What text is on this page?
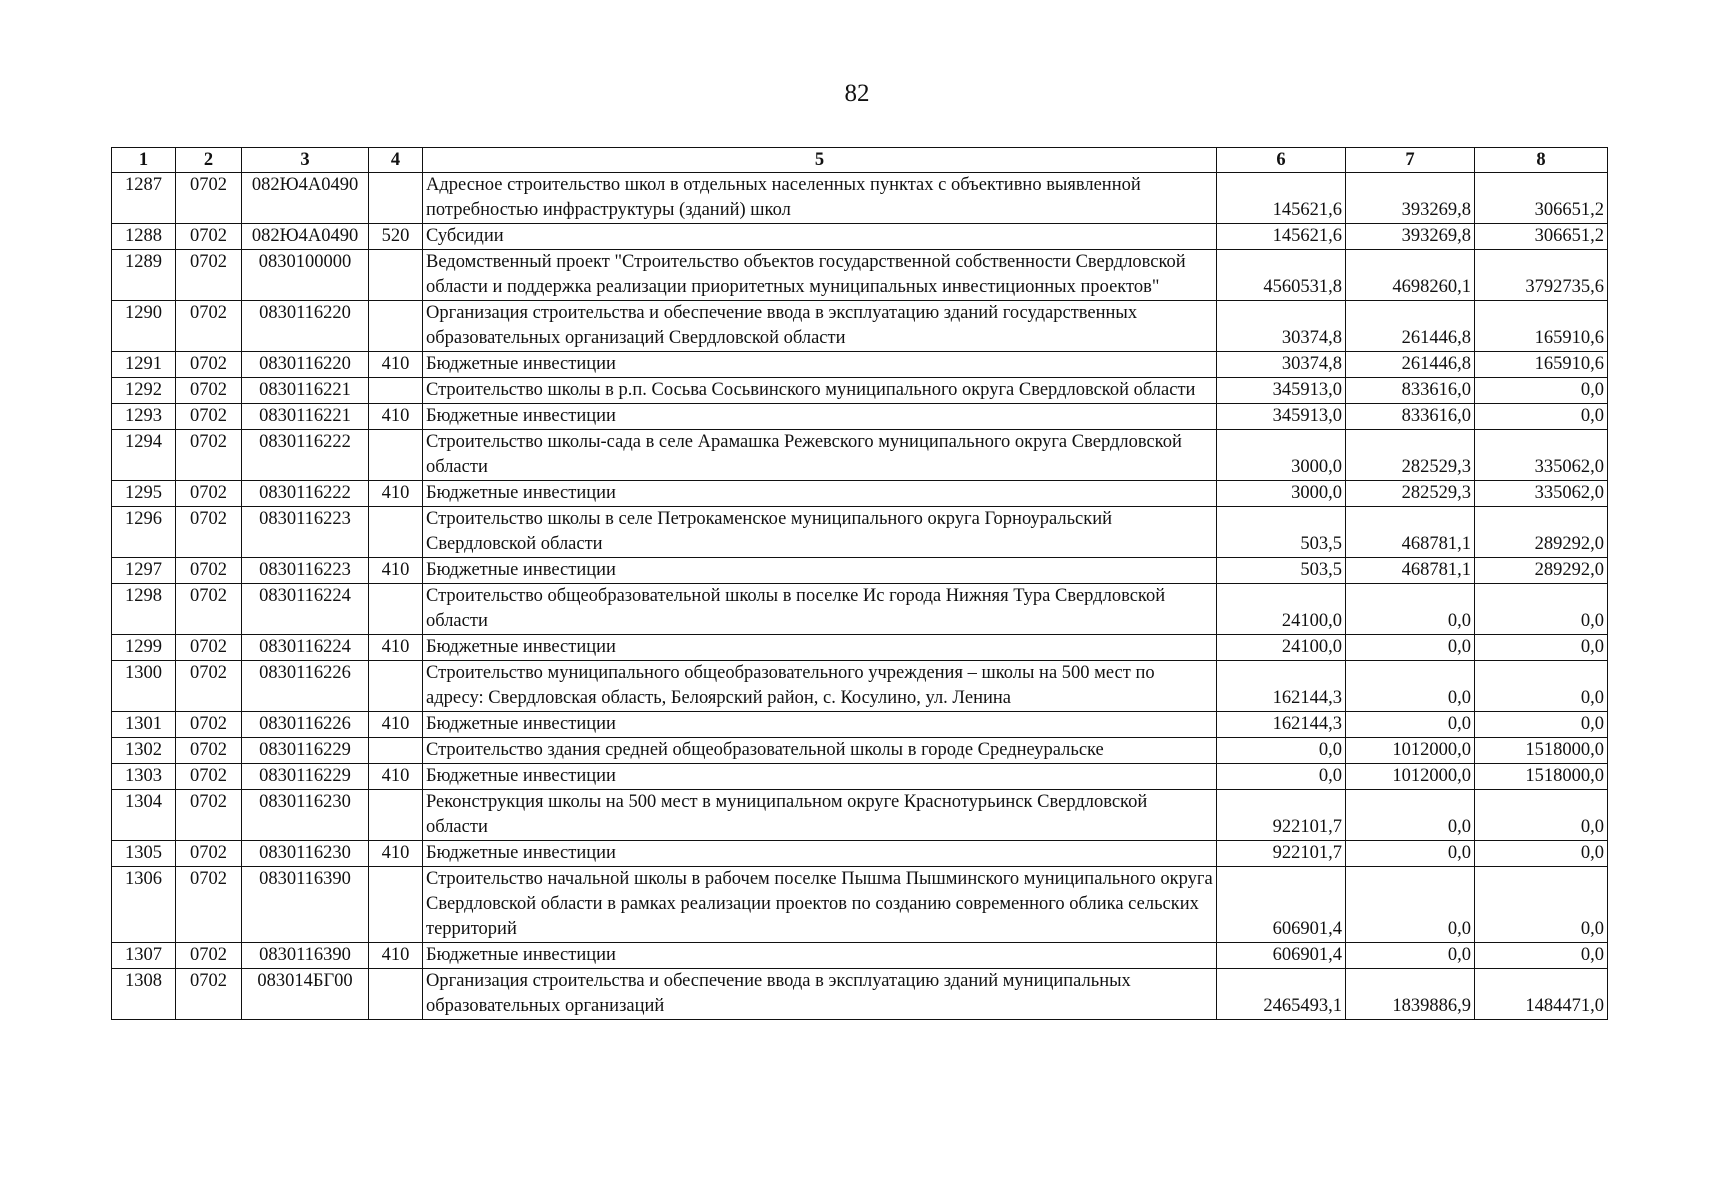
82
1	2	3	4	5	6	7	8
1287	0702	082Ю4А0490		Адресное строительство школ в отдельных населенных пунктах с объективно выявленной потребностью инфраструктуры (зданий) школ	145621,6	393269,8	306651,2
1288	0702	082Ю4А0490	520	Субсидии	145621,6	393269,8	306651,2
1289	0702	0830100000		Ведомственный проект "Строительство объектов государственной собственности Свердловской области и поддержка реализации приоритетных муниципальных инвестиционных проектов"	4560531,8	4698260,1	3792735,6
1290	0702	0830116220		Организация строительства и обеспечение ввода в эксплуатацию зданий государственных образовательных организаций Свердловской области	30374,8	261446,8	165910,6
1291	0702	0830116220	410	Бюджетные инвестиции	30374,8	261446,8	165910,6
1292	0702	0830116221		Строительство школы в р.п. Сосьва Сосьвинского муниципального округа Свердловской области	345913,0	833616,0	0,0
1293	0702	0830116221	410	Бюджетные инвестиции	345913,0	833616,0	0,0
1294	0702	0830116222		Строительство школы-сада в селе Арамашка Режевского муниципального округа Свердловской области	3000,0	282529,3	335062,0
1295	0702	0830116222	410	Бюджетные инвестиции	3000,0	282529,3	335062,0
1296	0702	0830116223		Строительство школы в селе Петрокаменское муниципального округа Горноуральский Свердловской области	503,5	468781,1	289292,0
1297	0702	0830116223	410	Бюджетные инвестиции	503,5	468781,1	289292,0
1298	0702	0830116224		Строительство общеобразовательной школы в поселке Ис города Нижняя Тура Свердловской области	24100,0	0,0	0,0
1299	0702	0830116224	410	Бюджетные инвестиции	24100,0	0,0	0,0
1300	0702	0830116226		Строительство муниципального общеобразовательного учреждения – школы на 500 мест по адресу: Свердловская область, Белоярский район, с. Косулино, ул. Ленина	162144,3	0,0	0,0
1301	0702	0830116226	410	Бюджетные инвестиции	162144,3	0,0	0,0
1302	0702	0830116229		Строительство здания средней общеобразовательной школы в городе Среднеуральске	0,0	1012000,0	1518000,0
1303	0702	0830116229	410	Бюджетные инвестиции	0,0	1012000,0	1518000,0
1304	0702	0830116230		Реконструкция школы на 500 мест в муниципальном округе Краснотурьинск Свердловской области	922101,7	0,0	0,0
1305	0702	0830116230	410	Бюджетные инвестиции	922101,7	0,0	0,0
1306	0702	0830116390		Строительство начальной школы в рабочем поселке Пышма Пышминского муниципального округа Свердловской области в рамках реализации проектов по созданию современного облика сельских территорий	606901,4	0,0	0,0
1307	0702	0830116390	410	Бюджетные инвестиции	606901,4	0,0	0,0
1308	0702	083014БГ00		Организация строительства и обеспечение ввода в эксплуатацию зданий муниципальных образовательных организаций	2465493,1	1839886,9	1484471,0
